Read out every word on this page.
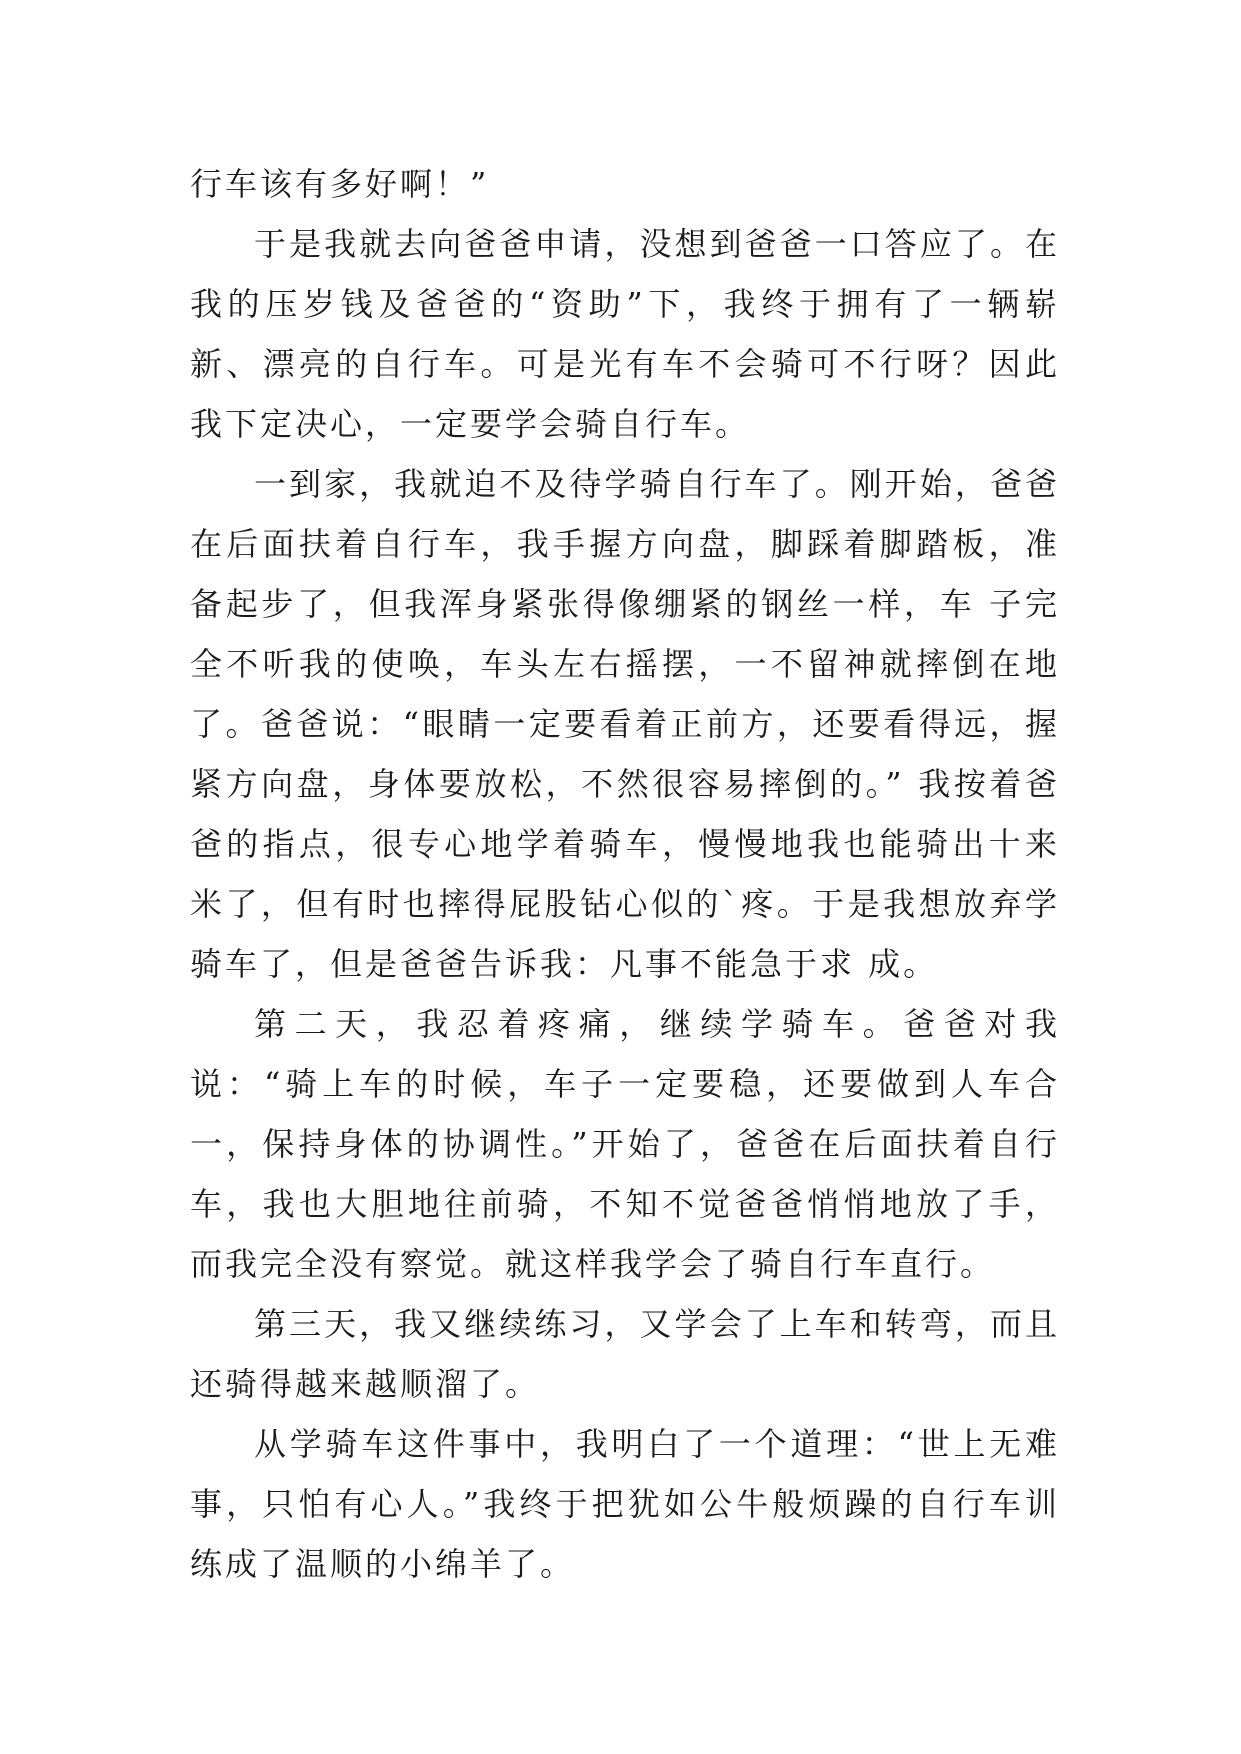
行车该有多好啊！”

于是我就去向爸爸申请，没想到爸爸一口答应了。在我的压岁钱及爸爸的“资助”下，我终于拥有了一辆崭新、漂亮的自行车。可是光有车不会骑可不行呀？因此我下定决心，一定要学会骑自行车。

一到家，我就迫不及待学骑自行车了。刚开始，爸爸在后面扶着自行车，我手握方向盘，脚踩着脚踏板，准备起步了，但我浑身紧张得像绷紧的钢丝一样，车 子完全不听我的使唤，车头左右摇摆，一不留神就摔倒在地了。爸爸说：“眼睛一定要看着正前方，还要看得远，握紧方向盘，身体要放松，不然很容易摔倒的。” 我按着爸爸的指点，很专心地学着骑车，慢慢地我也能骑出十来米了，但有时也摔得屁股钻心似的`疼。于是我想放弃学骑车了，但是爸爸告诉我：凡事不能急于求 成。

第二天，我忍着疼痛，继续学骑车。爸爸对我说：“骑上车的时候，车子一定要稳，还要做到人车合一，保持身体的协调性。”开始了，爸爸在后面扶着自行车，我也大胆地往前骑，不知不觉爸爸悄悄地放了手，而我完全没有察觉。就这样我学会了骑自行车直行。

第三天，我又继续练习，又学会了上车和转弯，而且还骑得越来越顺溜了。

从学骑车这件事中，我明白了一个道理：“世上无难事，只怕有心人。”我终于把犹如公牛般烦躁的自行车训练成了温顺的小绵羊了。
